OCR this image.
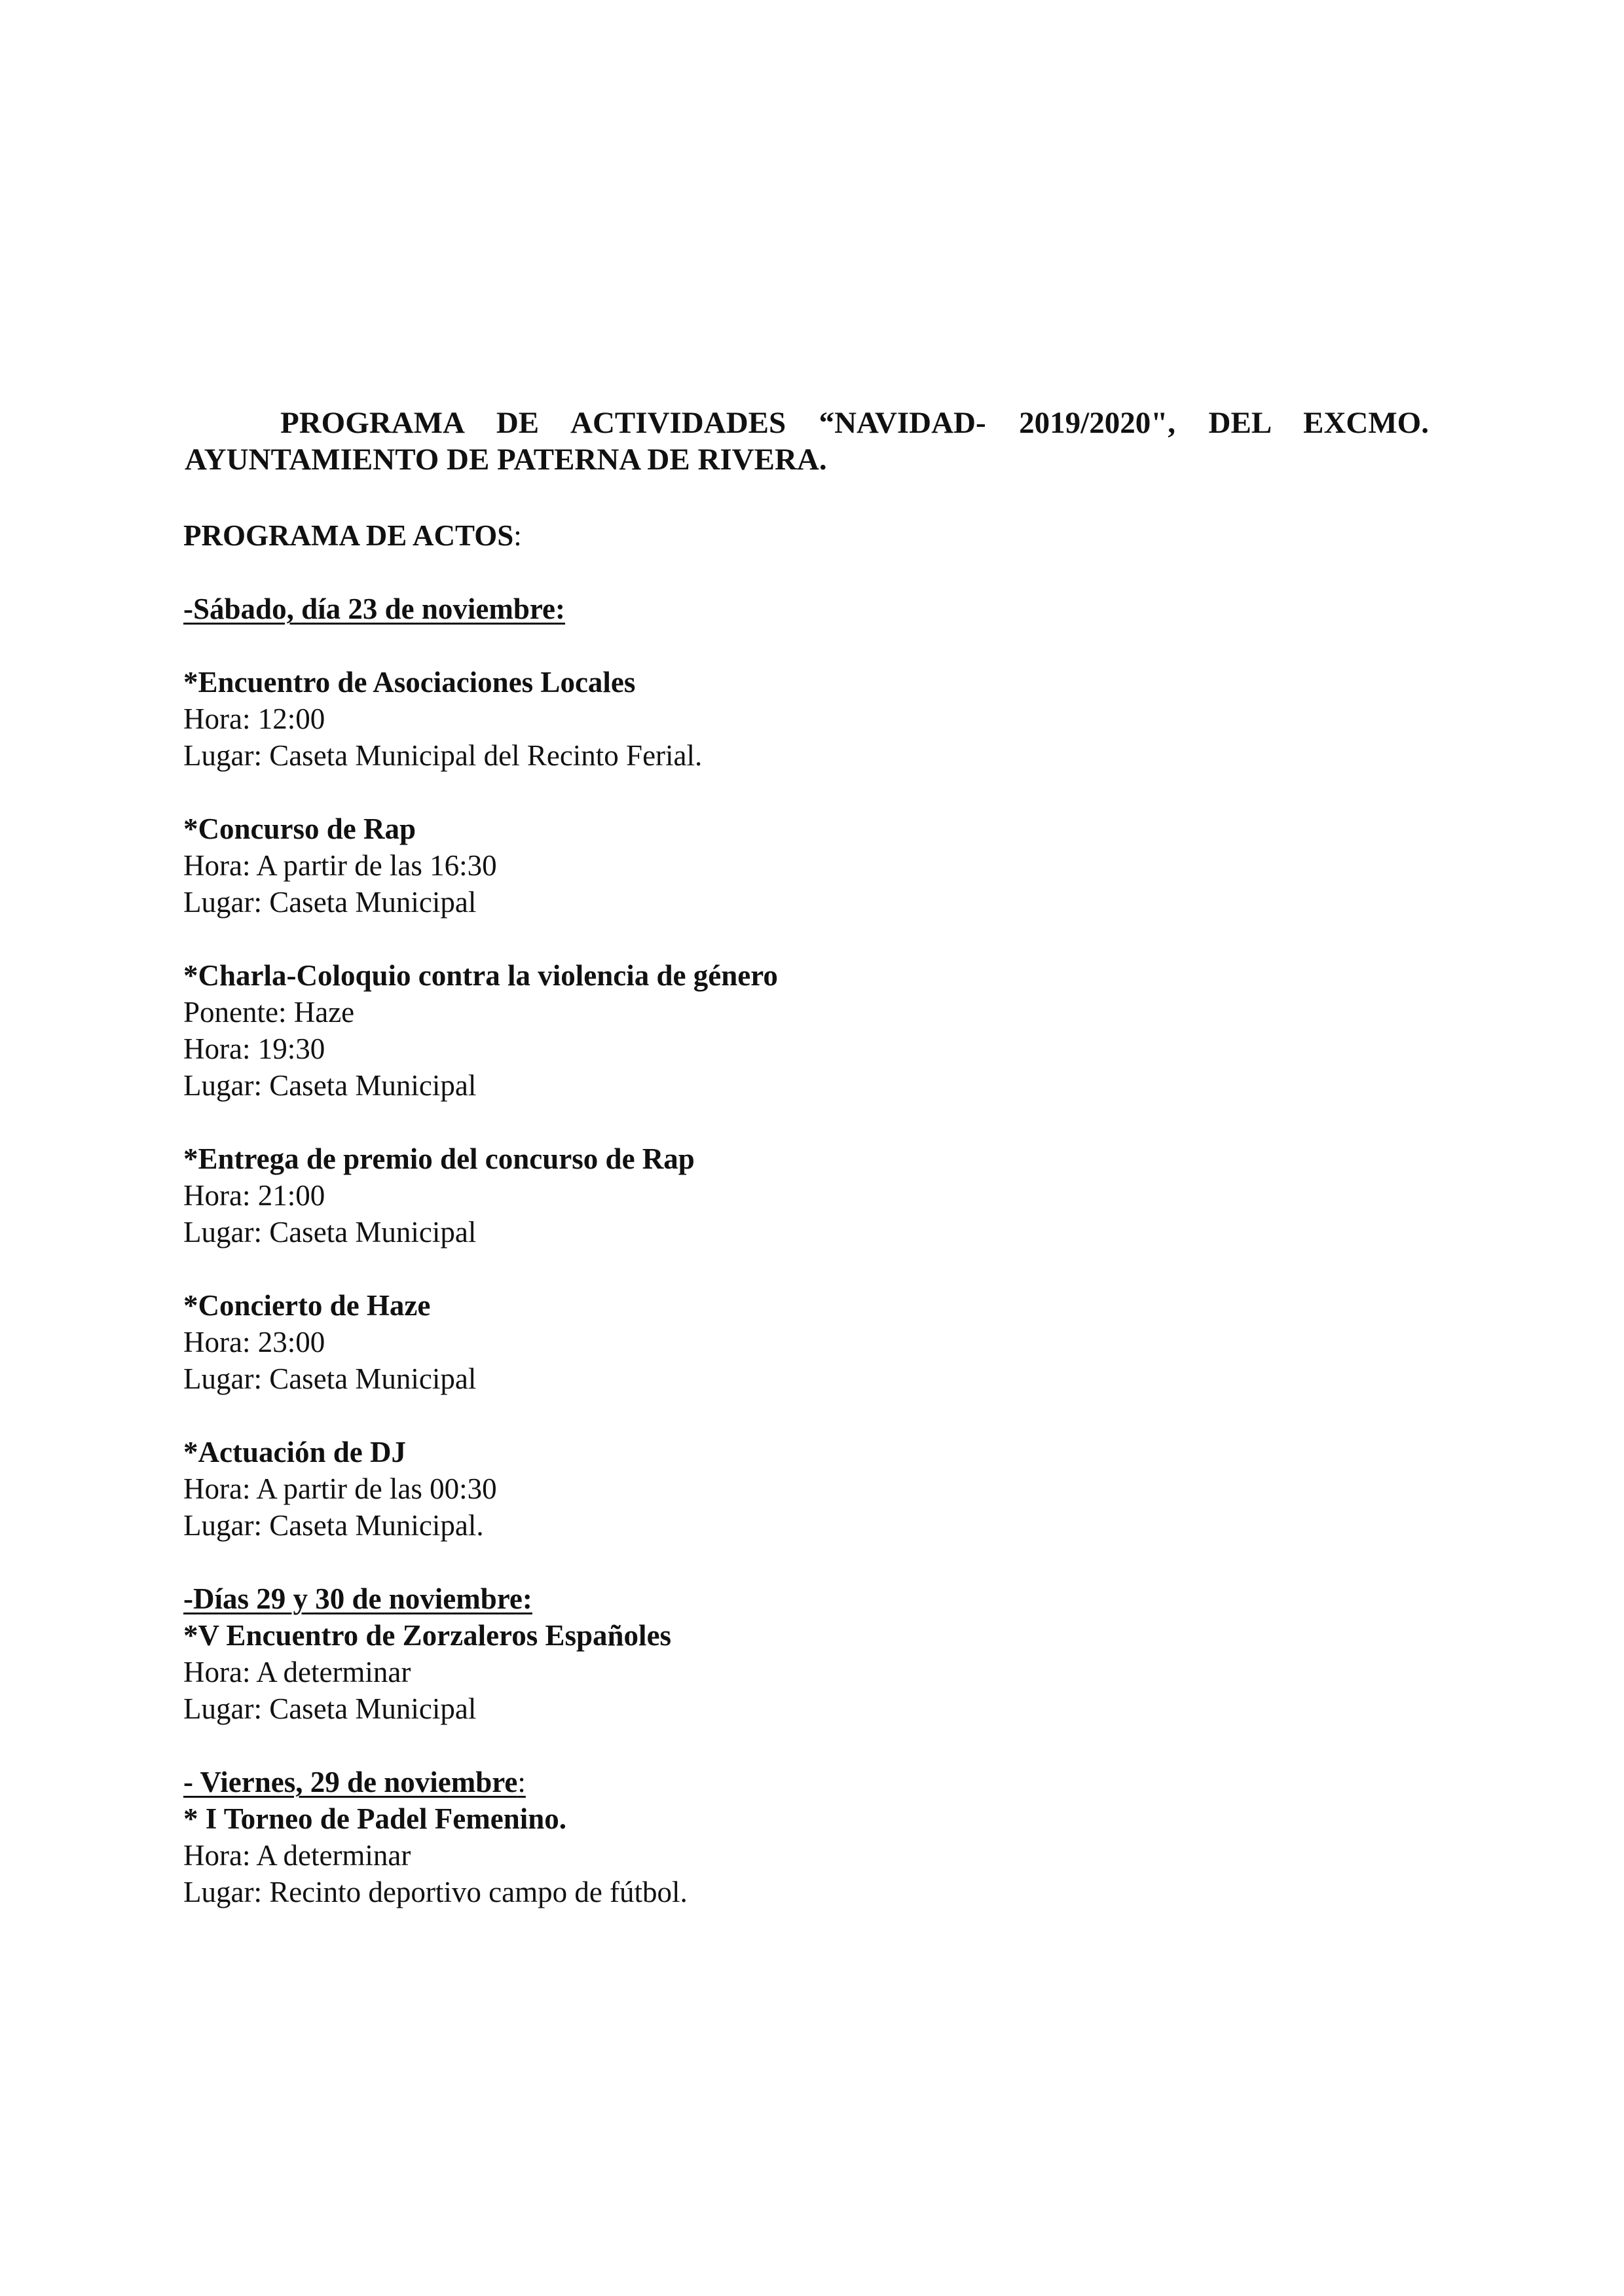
PROGRAMA DE ACTIVIDADES “NAVIDAD- 2019/2020", DEL EXCMO.
AYUNTAMIENTO DE PATERNA DE RIVERA.

PROGRAMA DE ACTOS:

-Sábado, día 23 de noviembre:

*Encuentro de Asociaciones Locales

Hora: 12:00

Lugar: Caseta Municipal del Recinto Ferial.

*Concurso de Rap

Hora: A partir de las 16:30

Lugar: Caseta Municipal

*Charla-Coloquio contra la violencia de género

Ponente: Haze

Hora: 19:30

Lugar: Caseta Municipal

*Entrega de premio del concurso de Rap

Hora: 21:00

Lugar: Caseta Municipal

*Concierto de Haze

Hora: 23:00

Lugar: Caseta Municipal

*Actuación de DJ

Hora: A partir de las 00:30

Lugar: Caseta Municipal.

-Días 29 y 30 de noviembre:

*V Encuentro de Zorzaleros Españoles

Hora: A determinar

Lugar: Caseta Municipal

- Viernes, 29 de noviembre:

* I Torneo de Padel Femenino.

Hora: A determinar

Lugar: Recinto deportivo campo de fútbol.
